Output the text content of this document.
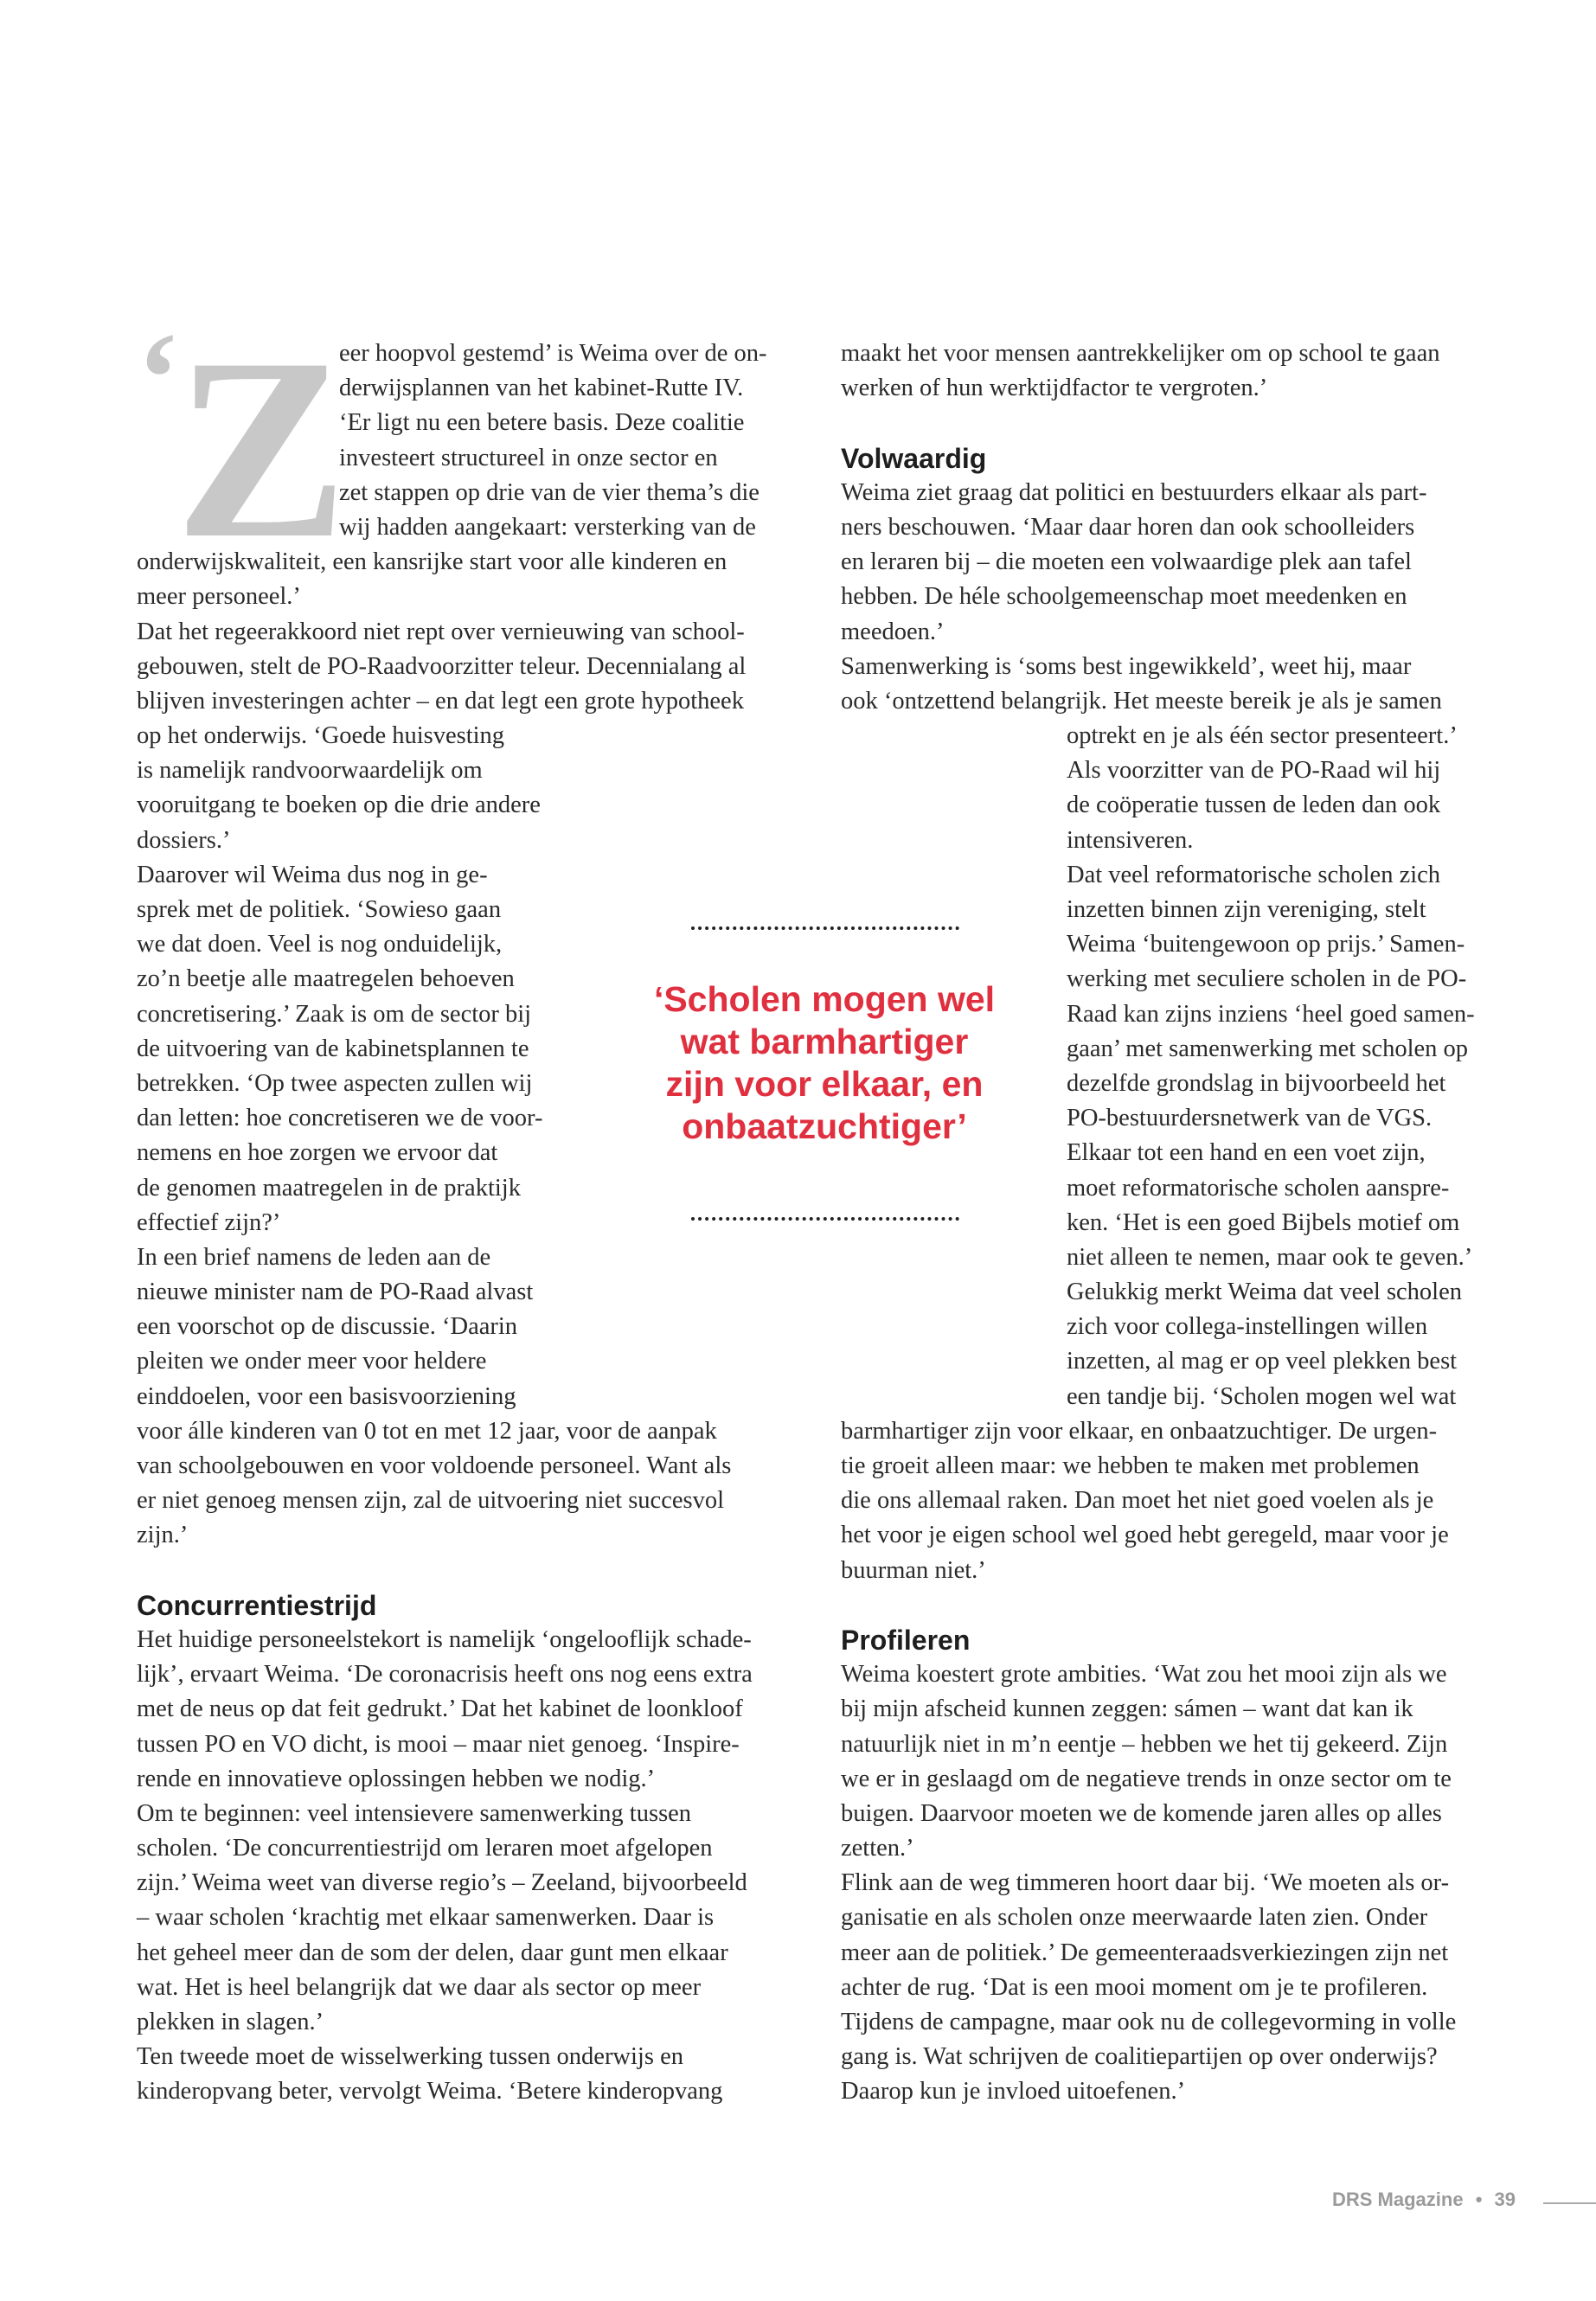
‘Z
eer hoopvol gestemd’ is Weima over de on-
derwijsplannen van het kabinet-Rutte IV.
‘Er ligt nu een betere basis. Deze coalitie
investeert structureel in onze sector en
zet stappen op drie van de vier thema’s die
wij hadden aangekaart: versterking van de
onderwijskwaliteit, een kansrijke start voor alle kinderen en
meer personeel.’
Dat het regeerakkoord niet rept over vernieuwing van school-
gebouwen, stelt de PO-Raadvoorzitter teleur. Decennialang al
blijven investeringen achter – en dat legt een grote hypotheek
op het onderwijs. ‘Goede huisvesting
is namelijk randvoorwaardelijk om
vooruitgang te boeken op die drie andere
dossiers.’
Daarover wil Weima dus nog in ge-
sprek met de politiek. ‘Sowieso gaan
we dat doen. Veel is nog onduidelijk,
zo’n beetje alle maatregelen behoeven
concretisering.’ Zaak is om de sector bij
de uitvoering van de kabinetsplannen te
betrekken. ‘Op twee aspecten zullen wij
dan letten: hoe concretiseren we de voor-
nemens en hoe zorgen we ervoor dat
de genomen maatregelen in de praktijk
effectief zijn?’
In een brief namens de leden aan de
nieuwe minister nam de PO-Raad alvast
een voorschot op de discussie. ‘Daarin
pleiten we onder meer voor heldere
einddoelen, voor een basisvoorziening
voor álle kinderen van 0 tot en met 12 jaar, voor de aanpak
van schoolgebouwen en voor voldoende personeel. Want als
er niet genoeg mensen zijn, zal de uitvoering niet succesvol
zijn.’
Concurrentiestrijd
Het huidige personeelstekort is namelijk ‘ongelooflijk schade-
lijk’, ervaart Weima. ‘De coronacrisis heeft ons nog eens extra
met de neus op dat feit gedrukt.’ Dat het kabinet de loonkloof
tussen PO en VO dicht, is mooi – maar niet genoeg. ‘Inspire-
rende en innovatieve oplossingen hebben we nodig.’
Om te beginnen: veel intensievere samenwerking tussen
scholen. ‘De concurrentiestrijd om leraren moet afgelopen
zijn.’ Weima weet van diverse regio’s – Zeeland, bijvoorbeeld
– waar scholen ‘krachtig met elkaar samenwerken. Daar is
het geheel meer dan de som der delen, daar gunt men elkaar
wat. Het is heel belangrijk dat we daar als sector op meer
plekken in slagen.’
Ten tweede moet de wisselwerking tussen onderwijs en
kinderopvang beter, vervolgt Weima. ‘Betere kinderopvang
maakt het voor mensen aantrekkelijker om op school te gaan
werken of hun werktijdfactor te vergroten.’
Volwaardig
Weima ziet graag dat politici en bestuurders elkaar als part-
ners beschouwen. ‘Maar daar horen dan ook schoolleiders
en leraren bij – die moeten een volwaardige plek aan tafel
hebben. De héle schoolgemeenschap moet meedenken en
meedoen.’
Samenwerking is ‘soms best ingewikkeld’, weet hij, maar
ook ‘ontzettend belangrijk. Het meeste bereik je als je samen
optrekt en je als één sector presenteert.’
Als voorzitter van de PO-Raad wil hij
de coöperatie tussen de leden dan ook
intensiveren.
Dat veel reformatorische scholen zich
inzetten binnen zijn vereniging, stelt
Weima ‘buitengewoon op prijs.’ Samen-
werking met seculiere scholen in de PO-
Raad kan zijns inziens ‘heel goed samen-
gaan’ met samenwerking met scholen op
dezelfde grondslag in bijvoorbeeld het
PO-bestuurdersnetwerk van de VGS.
Elkaar tot een hand en een voet zijn,
moet reformatorische scholen aanspre-
ken. ‘Het is een goed Bijbels motief om
niet alleen te nemen, maar ook te geven.’
Gelukkig merkt Weima dat veel scholen
zich voor collega-instellingen willen
inzetten, al mag er op veel plekken best
een tandje bij. ‘Scholen mogen wel wat
barmhartiger zijn voor elkaar, en onbaatzuchtiger. De urgen-
tie groeit alleen maar: we hebben te maken met problemen
die ons allemaal raken. Dan moet het niet goed voelen als je
het voor je eigen school wel goed hebt geregeld, maar voor je
buurman niet.’
Profileren
Weima koestert grote ambities. ‘Wat zou het mooi zijn als we
bij mijn afscheid kunnen zeggen: sámen – want dat kan ik
natuurlijk niet in m’n eentje – hebben we het tij gekeerd. Zijn
we er in geslaagd om de negatieve trends in onze sector om te
buigen. Daarvoor moeten we de komende jaren alles op alles
zetten.’
Flink aan de weg timmeren hoort daar bij. ‘We moeten als or-
ganisatie en als scholen onze meerwaarde laten zien. Onder
meer aan de politiek.’ De gemeenteraadsverkiezingen zijn net
achter de rug. ‘Dat is een mooi moment om je te profileren.
Tijdens de campagne, maar ook nu de collegevorming in volle
gang is. Wat schrijven de coalitiepartijen op over onderwijs?
Daarop kun je invloed uitoefenen.’
‘Scholen mogen wel
wat barmhartiger
zijn voor elkaar, en
onbaatzuchtiger’
DRS Magazine • 39
